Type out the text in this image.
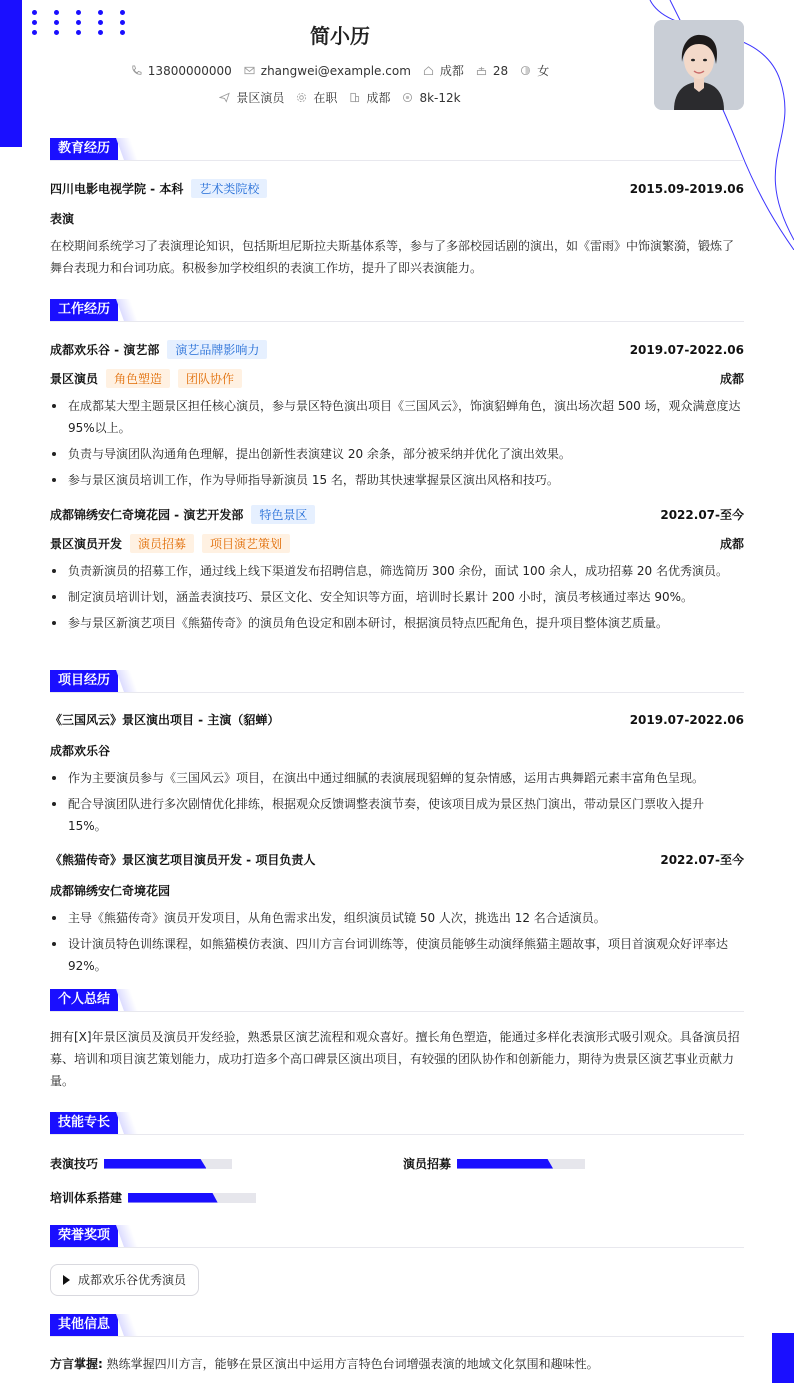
简小历
13800000000 zhangwei@example.com 成都 28 女
景区演员 在职 成都 8k-12k
教育经历
四川电影电视学院 - 本科 艺术类院校	2015.09-2019.06
表演
在校期间系统学习了表演理论知识，包括斯坦尼斯拉夫斯基体系等，参与了多部校园话剧的演出，如《雷雨》中饰演繁漪，锻炼了舞台表现力和台词功底。积极参加学校组织的表演工作坊，提升了即兴表演能力。
工作经历
成都欢乐谷 - 演艺部 演艺品牌影响力	2019.07-2022.06
景区演员 角色塑造 团队协作	成都
在成都某大型主题景区担任核心演员，参与景区特色演出项目《三国风云》，饰演貂蝉角色，演出场次超 500 场，观众满意度达 95%以上。
负责与导演团队沟通角色理解，提出创新性表演建议 20 余条，部分被采纳并优化了演出效果。
参与景区演员培训工作，作为导师指导新演员 15 名，帮助其快速掌握景区演出风格和技巧。
成都锦绣安仁奇境花园 - 演艺开发部 特色景区	2022.07-至今
景区演员开发 演员招募 项目演艺策划	成都
负责新演员的招募工作，通过线上线下渠道发布招聘信息，筛选简历 300 余份，面试 100 余人，成功招募 20 名优秀演员。
制定演员培训计划，涵盖表演技巧、景区文化、安全知识等方面，培训时长累计 200 小时，演员考核通过率达 90%。
参与景区新演艺项目《熊猫传奇》的演员角色设定和剧本研讨，根据演员特点匹配角色，提升项目整体演艺质量。
项目经历
《三国风云》景区演出项目 - 主演（貂蝉）	2019.07-2022.06
成都欢乐谷
作为主要演员参与《三国风云》项目，在演出中通过细腻的表演展现貂蝉的复杂情感，运用古典舞蹈元素丰富角色呈现。
配合导演团队进行多次剧情优化排练，根据观众反馈调整表演节奏，使该项目成为景区热门演出，带动景区门票收入提升 15%。
《熊猫传奇》景区演艺项目演员开发 - 项目负责人	2022.07-至今
成都锦绣安仁奇境花园
主导《熊猫传奇》演员开发项目，从角色需求出发，组织演员试镜 50 人次，挑选出 12 名合适演员。
设计演员特色训练课程，如熊猫模仿表演、四川方言台词训练等，使演员能够生动演绎熊猫主题故事，项目首演观众好评率达 92%。
个人总结
拥有[X]年景区演员及演员开发经验，熟悉景区演艺流程和观众喜好。擅长角色塑造，能通过多样化表演形式吸引观众。具备演员招募、培训和项目演艺策划能力，成功打造多个高口碑景区演出项目，有较强的团队协作和创新能力，期待为贵景区演艺事业贡献力量。
技能专长
表演技巧	演员招募
培训体系搭建
荣誉奖项
成都欢乐谷优秀演员
其他信息
方言掌握: 熟练掌握四川方言，能够在景区演出中运用方言特色台词增强表演的地域文化氛围和趣味性。
